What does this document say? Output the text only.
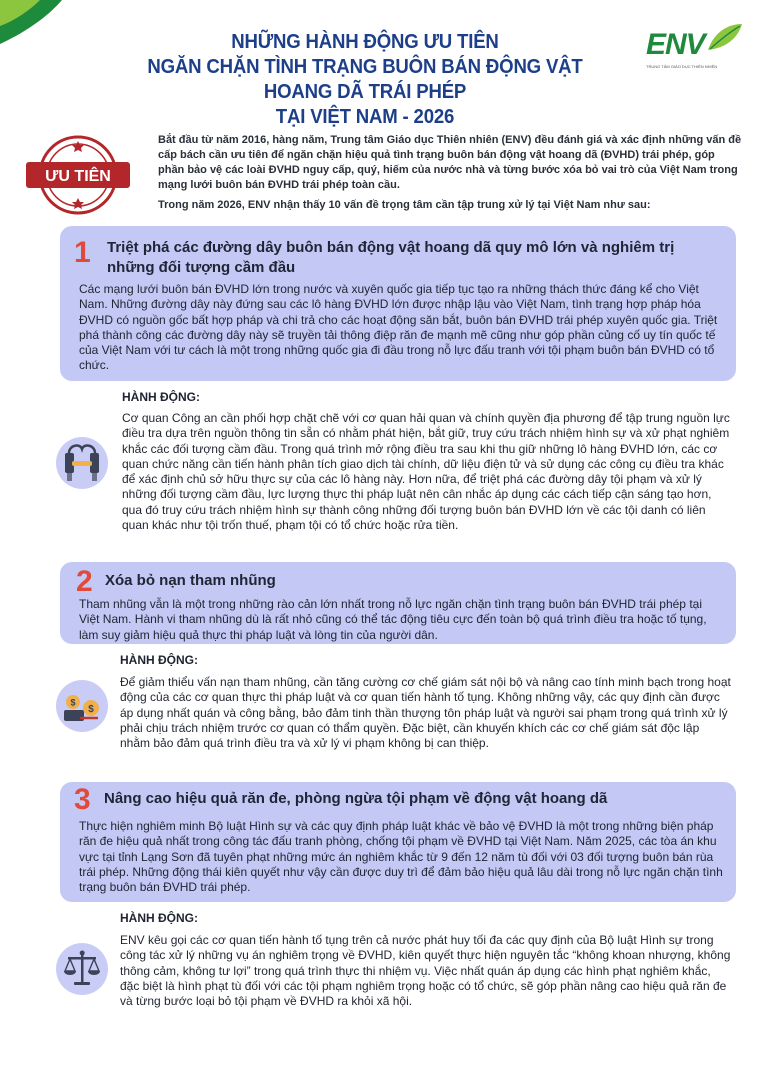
NHỮNG HÀNH ĐỘNG ƯU TIÊN
NGĂN CHẶN TÌNH TRẠNG BUÔN BÁN ĐỘNG VẬT HOANG DÃ TRÁI PHÉP
TẠI VIỆT NAM - 2026
ENV
TRUNG TÂM GIÁO DỤC THIÊN NHIÊN
ƯU TIÊN

Bắt đầu từ năm 2016, hàng năm, Trung tâm Giáo dục Thiên nhiên (ENV) đều đánh giá và xác định những vấn đề cấp bách cần ưu tiên để ngăn chặn hiệu quả tình trạng buôn bán động vật hoang dã (ĐVHD) trái phép, góp phần bảo vệ các loài ĐVHD nguy cấp, quý, hiếm của nước nhà và từng bước xóa bỏ vai trò của Việt Nam trong mạng lưới buôn bán ĐVHD trái phép toàn cầu.

Trong năm 2026, ENV nhận thấy 10 vấn đề trọng tâm cần tập trung xử lý tại Việt Nam như sau:

1 Triệt phá các đường dây buôn bán động vật hoang dã quy mô lớn và nghiêm trị những đối tượng cầm đầu
Các mạng lưới buôn bán ĐVHD lớn trong nước và xuyên quốc gia tiếp tục tạo ra những thách thức đáng kể cho Việt Nam. Những đường dây này đứng sau các lô hàng ĐVHD lớn được nhập lậu vào Việt Nam, tình trạng hợp pháp hóa ĐVHD có nguồn gốc bất hợp pháp và chi trả cho các hoạt động săn bắt, buôn bán ĐVHD trái phép xuyên quốc gia. Triệt phá thành công các đường dây này sẽ truyền tải thông điệp răn đe mạnh mẽ cũng như góp phần củng cố uy tín quốc tế của Việt Nam với tư cách là một trong những quốc gia đi đầu trong nỗ lực đấu tranh với tội phạm buôn bán ĐVHD có tổ chức.
HÀNH ĐỘNG:
Cơ quan Công an cần phối hợp chặt chẽ với cơ quan hải quan và chính quyền địa phương để tập trung nguồn lực điều tra dựa trên nguồn thông tin sẵn có nhằm phát hiện, bắt giữ, truy cứu trách nhiệm hình sự và xử phạt nghiêm khắc các đối tượng cầm đầu. Trong quá trình mở rộng điều tra sau khi thu giữ những lô hàng ĐVHD lớn, các cơ quan chức năng cần tiến hành phân tích giao dịch tài chính, dữ liệu điện tử và sử dụng các công cụ điều tra khác để xác định chủ sở hữu thực sự của các lô hàng này. Hơn nữa, để triệt phá các đường dây tội phạm và xử lý những đối tượng cầm đầu, lực lượng thực thi pháp luật nên cân nhắc áp dụng các cách tiếp cận sáng tạo hơn, qua đó truy cứu trách nhiệm hình sự thành công những đối tượng buôn bán ĐVHD lớn về các tội danh có liên quan khác như tội trốn thuế, phạm tội có tổ chức hoặc rửa tiền.
2 Xóa bỏ nạn tham nhũng
Tham nhũng vẫn là một trong những rào cản lớn nhất trong nỗ lực ngăn chặn tình trạng buôn bán ĐVHD trái phép tại Việt Nam. Hành vi tham nhũng dù là rất nhỏ cũng có thể tác động tiêu cực đến toàn bộ quá trình điều tra hoặc tố tụng, làm suy giảm hiệu quả thực thi pháp luật và lòng tin của người dân.
HÀNH ĐỘNG:
$
$
Để giảm thiểu vấn nạn tham nhũng, cần tăng cường cơ chế giám sát nội bộ và nâng cao tính minh bạch trong hoạt động của các cơ quan thực thi pháp luật và cơ quan tiến hành tố tụng. Không những vậy, các quy định cần được áp dụng nhất quán và công bằng, bảo đảm tinh thần thượng tôn pháp luật và người sai phạm trong quá trình xử lý phải chịu trách nhiệm trước cơ quan có thẩm quyền. Đặc biệt, cần khuyến khích các cơ chế giám sát độc lập nhằm bảo đảm quá trình điều tra và xử lý vi phạm không bị can thiệp.
3 Nâng cao hiệu quả răn đe, phòng ngừa tội phạm về động vật hoang dã
Thực hiện nghiêm minh Bộ luật Hình sự và các quy định pháp luật khác về bảo vệ ĐVHD là một trong những biện pháp răn đe hiệu quả nhất trong công tác đấu tranh phòng, chống tội phạm về ĐVHD tại Việt Nam. Năm 2025, các tòa án khu vực tại tỉnh Lạng Sơn đã tuyên phạt những mức án nghiêm khắc từ 9 đến 12 năm tù đối với 03 đối tượng buôn bán rùa trái phép. Những động thái kiên quyết như vậy cần được duy trì để đảm bảo hiệu quả lâu dài trong nỗ lực ngăn chặn tình trạng buôn bán ĐVHD trái phép.
HÀNH ĐỘNG:
ENV kêu gọi các cơ quan tiến hành tố tụng trên cả nước phát huy tối đa các quy định của Bộ luật Hình sự trong công tác xử lý những vụ án nghiêm trọng về ĐVHD, kiên quyết thực hiện nguyên tắc “không khoan nhượng, không thông cảm, không tư lợi” trong quá trình thực thi nhiệm vụ. Việc nhất quán áp dụng các hình phạt nghiêm khắc, đặc biệt là hình phạt tù đối với các tội phạm nghiêm trọng hoặc có tổ chức, sẽ góp phần nâng cao hiệu quả răn đe và từng bước loại bỏ tội phạm về ĐVHD ra khỏi xã hội.
